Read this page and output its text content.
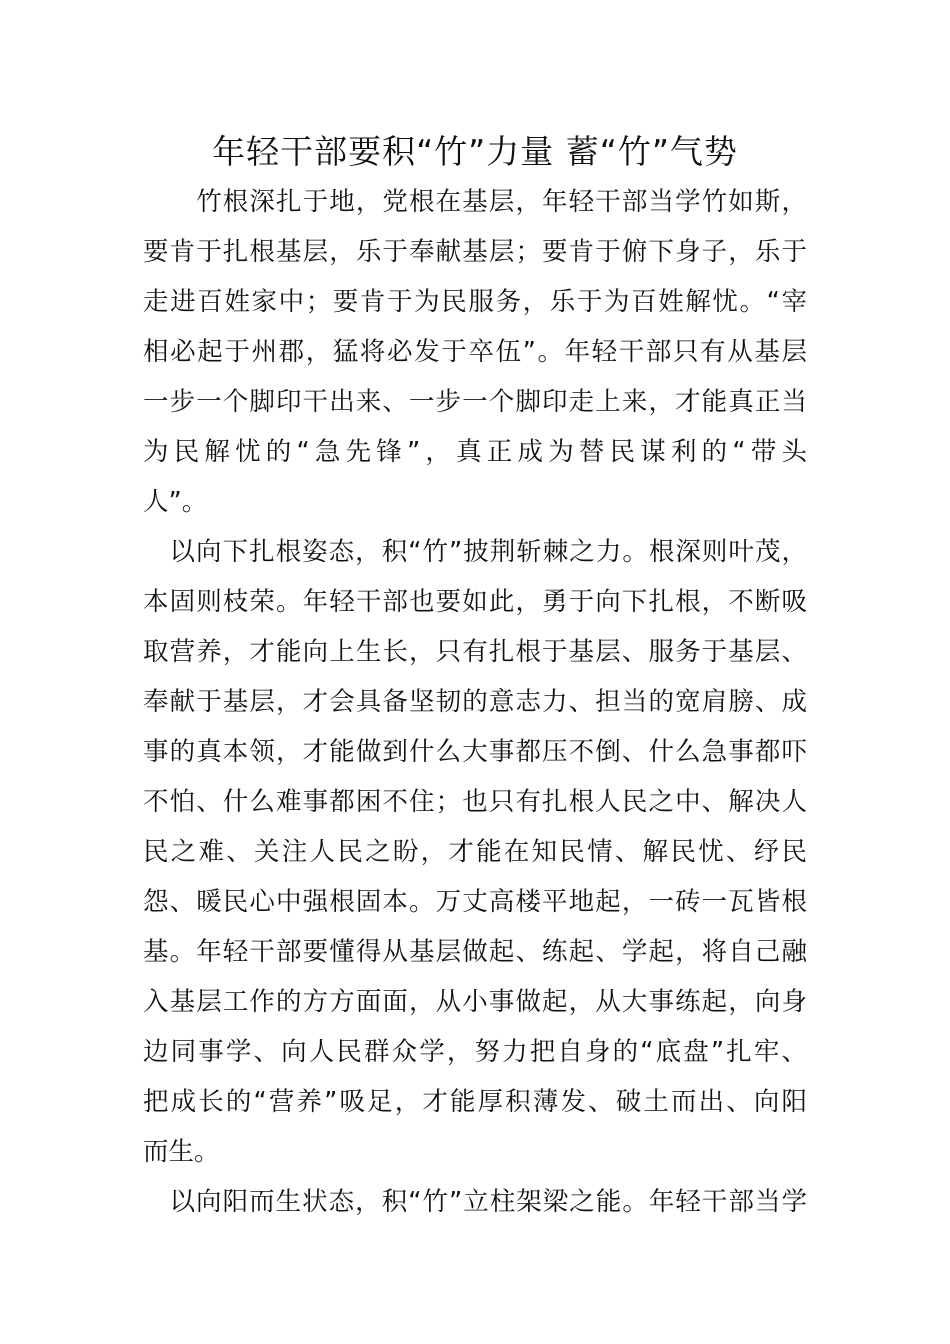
年轻干部要积“竹”力量 蓄“竹”气势
　　竹根深扎于地，党根在基层，年轻干部当学竹如斯，
要肯于扎根基层，乐于奉献基层；要肯于俯下身子，乐于
走进百姓家中；要肯于为民服务，乐于为百姓解忧。“宰
相必起于州郡，猛将必发于卒伍”。年轻干部只有从基层
一步一个脚印干出来、一步一个脚印走上来，才能真正当
为民解忧的“急先锋”，真正成为替民谋利的“带头
人”。
　以向下扎根姿态，积“竹”披荆斩棘之力。根深则叶茂，
本固则枝荣。年轻干部也要如此，勇于向下扎根，不断吸
取营养，才能向上生长，只有扎根于基层、服务于基层、
奉献于基层，才会具备坚韧的意志力、担当的宽肩膀、成
事的真本领，才能做到什么大事都压不倒、什么急事都吓
不怕、什么难事都困不住；也只有扎根人民之中、解决人
民之难、关注人民之盼，才能在知民情、解民忧、纾民
怨、暖民心中强根固本。万丈高楼平地起，一砖一瓦皆根
基。年轻干部要懂得从基层做起、练起、学起，将自己融
入基层工作的方方面面，从小事做起，从大事练起，向身
边同事学、向人民群众学，努力把自身的“底盘”扎牢、
把成长的“营养”吸足，才能厚积薄发、破土而出、向阳
而生。
　以向阳而生状态，积“竹”立柱架梁之能。年轻干部当学
